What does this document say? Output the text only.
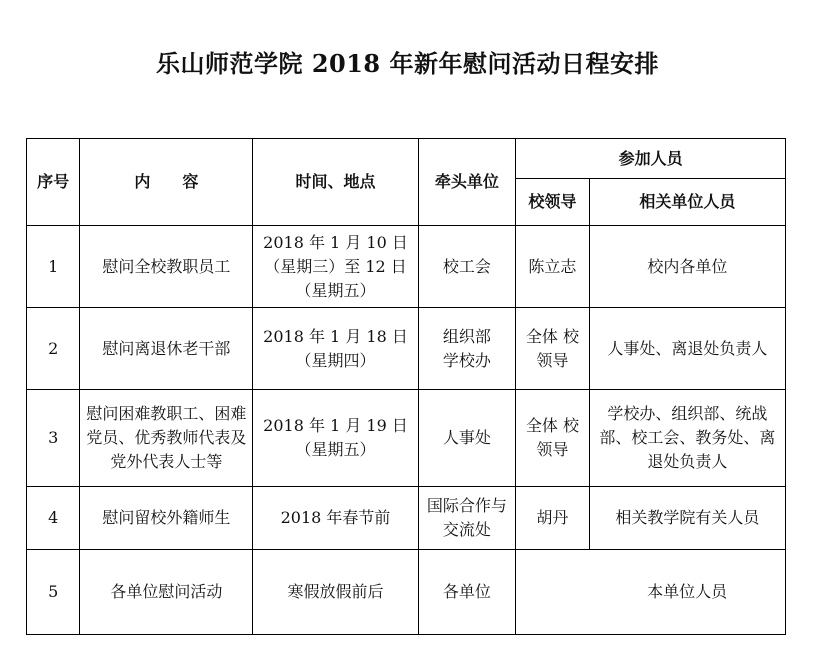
乐山师范学院 2018 年新年慰问活动日程安排
序号	内　　容	时间、地点	牵头单位	参加人员	
				校领导	相关单位人员
1	慰问全校教职员工	2018 年 1 月 10 日（星期三）至 12 日（星期五）	校工会	陈立志	校内各单位
2	慰问离退休老干部	2018 年 1 月 18 日（星期四）	组织部 学校办	全体 校领导	人事处、离退处负责人
3	慰问困难教职工、困难党员、优秀教师代表及党外代表人士等	2018 年 1 月 19 日（星期五）	人事处	全体 校领导	学校办、组织部、统战部、校工会、教务处、离退处负责人
4	慰问留校外籍师生	2018 年春节前	国际合作与交流处	胡丹	相关教学院有关人员
5	各单位慰问活动	寒假放假前后	各单位		本单位人员
